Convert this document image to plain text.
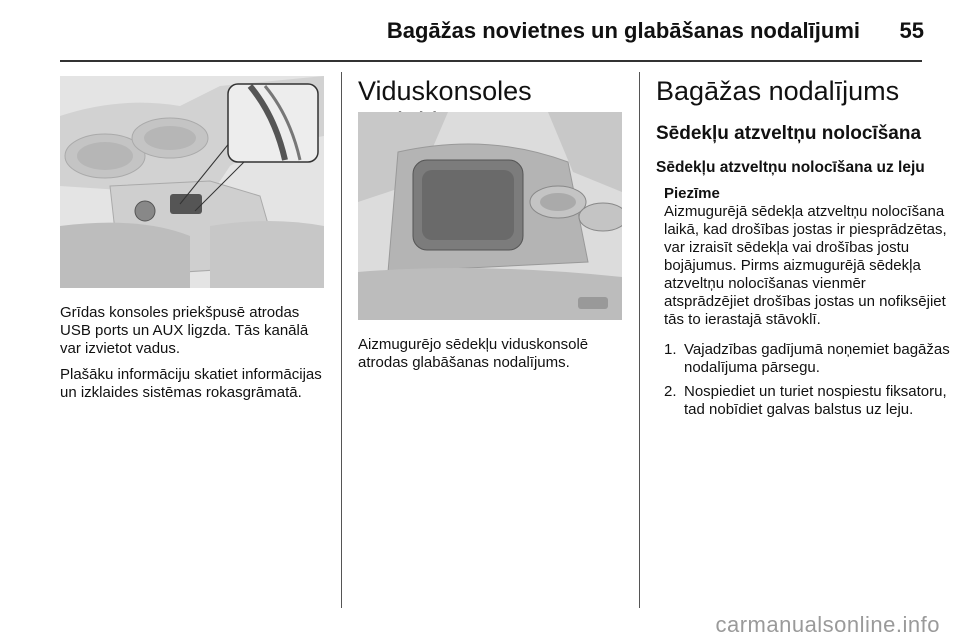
Bagāžas novietnes un glabāšanas nodalījumi	55

Grīdas konsoles priekšpusē atrodas USB ports un AUX ligzda. Tās kanālā var izvietot vadus.

Plašāku informāciju skatiet informācijas un izklaides sistēmas rokasgrāmatā.

Viduskonsoles

Aizmugurējo sēdekļu viduskonsolē atrodas glabāšanas nodalījums.

Bagāžas nodalījums
Sēdekļu atzveltņu nolocīšana
Sēdekļu atzveltņu nolocīšana uz leju
Piezīme
Aizmugurējā sēdekļa atzveltņu nolocīšana laikā, kad drošības jostas ir piesprādzētas, var izraisīt sēdekļa vai drošības jostu bojājumus. Pirms aizmugurējā sēdekļa atzveltņu nolocīšanas vienmēr atsprādzējiet drošības jostas un nofiksējiet tās to ierastajā stāvoklī.
1. Vajadzības gadījumā noņemiet bagāžas nodalījuma pārsegu.
2. Nospiediet un turiet nospiestu fiksatoru, tad nobīdiet galvas balstus uz leju.
carmanualsonline.info
